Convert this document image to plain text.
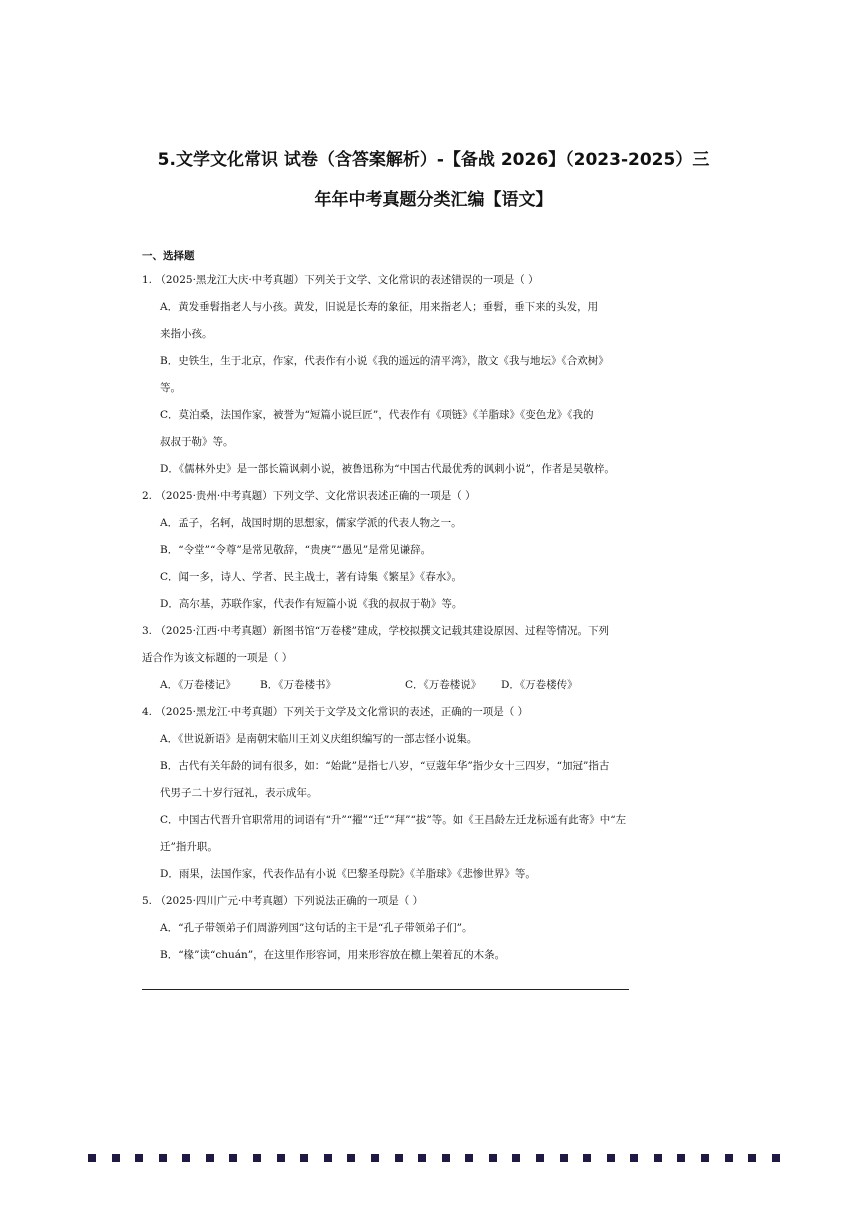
5.文学文化常识 试卷（含答案解析）-【备战 2026】（2023-2025）三
年年中考真题分类汇编【语文】
一、选择题
1. （2025·黑龙江大庆·中考真题）下列关于文学、文化常识的表述错误的一项是（ ）
A．黄发垂髫指老人与小孩。黄发，旧说是长寿的象征，用来指老人；垂髫，垂下来的头发，用
来指小孩。
B．史铁生，生于北京，作家，代表作有小说《我的遥远的清平湾》，散文《我与地坛》《合欢树》
等。
C．莫泊桑，法国作家，被誉为“短篇小说巨匠”，代表作有《项链》《羊脂球》《变色龙》《我的
叔叔于勒》等。
D．《儒林外史》是一部长篇讽刺小说，被鲁迅称为“中国古代最优秀的讽刺小说”，作者是吴敬梓。
2. （2025·贵州·中考真题）下列文学、文化常识表述正确的一项是（ ）
A．孟子，名轲，战国时期的思想家，儒家学派的代表人物之一。
B．“令堂”“令尊”是常见敬辞，“贵庚”“愚见”是常见谦辞。
C．闻一多，诗人、学者、民主战士，著有诗集《繁星》《春水》。
D．高尔基，苏联作家，代表作有短篇小说《我的叔叔于勒》等。
3. （2025·江西·中考真题）新图书馆“万卷楼”建成，学校拟撰文记载其建设原因、过程等情况。下列
适合作为该文标题的一项是（ ）
A．《万卷楼记》 B．《万卷楼书》	C．《万卷楼说》 D．《万卷楼传》
4. （2025·黑龙江·中考真题）下列关于文学及文化常识的表述，正确的一项是（ ）
A．《世说新语》是南朝宋临川王刘义庆组织编写的一部志怪小说集。
B．古代有关年龄的词有很多，如：“始龀”是指七八岁，“豆蔻年华”指少女十三四岁，“加冠”指古
代男子二十岁行冠礼，表示成年。
C．中国古代晋升官职常用的词语有“升”“擢”“迁”“拜”“拔”等。如《王昌龄左迁龙标遥有此寄》中“左
迁”指升职。
D．雨果，法国作家，代表作品有小说《巴黎圣母院》《羊脂球》《悲惨世界》等。
5. （2025·四川广元·中考真题）下列说法正确的一项是（ ）
A．“孔子带领弟子们周游列国”这句话的主干是“孔子带领弟子们”。
B．“椽”读“chuán”，在这里作形容词，用来形容放在檩上架着瓦的木条。
